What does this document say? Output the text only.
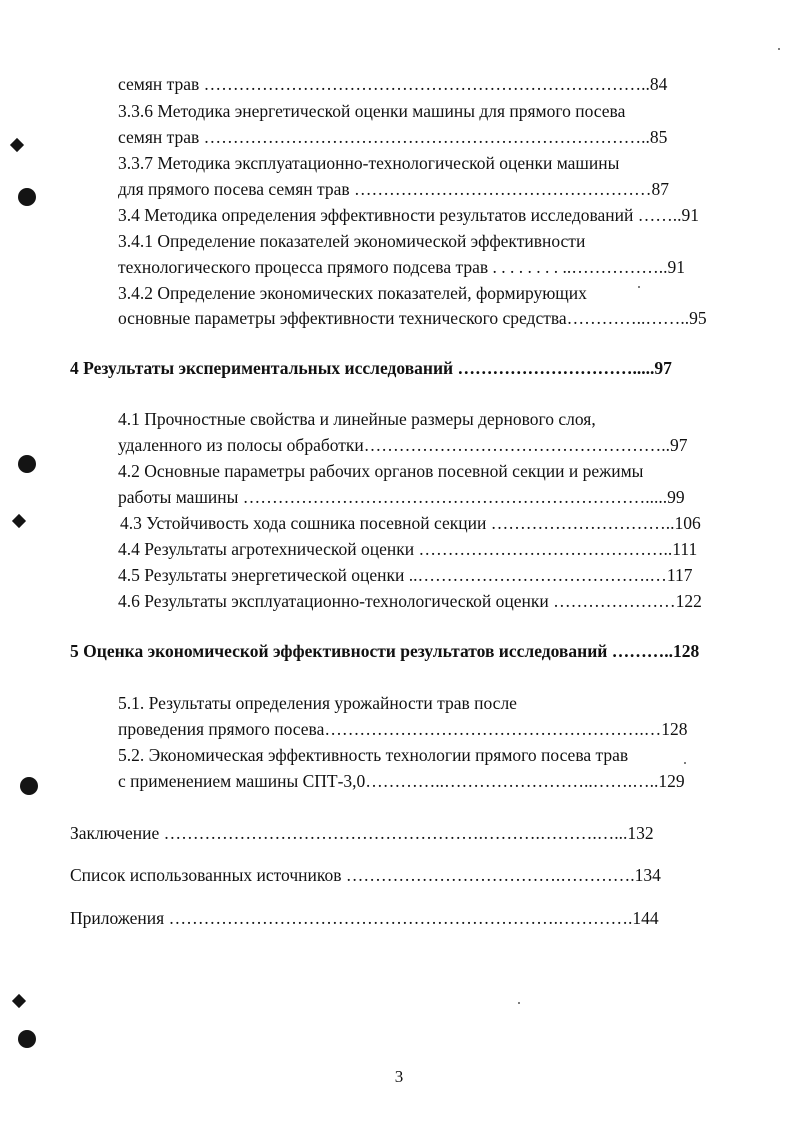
семян трав …………………………………………………………………..84
3.3.6 Методика энергетической оценки машины для прямого посева
семян трав …………………………………………………………………..85
3.3.7 Методика эксплуатационно-технологической оценки машины
для прямого посева семян трав ……………………………………………87
3.4 Методика определения эффективности результатов исследований ……..91
3.4.1 Определение показателей экономической эффективности
технологического процесса прямого подсева трав . . . . . . . . ..……………..91
3.4.2 Определение экономических показателей, формирующих
основные параметры эффективности технического средства…………..……..95
4 Результаты экспериментальных исследований ………………………….....97
4.1 Прочностные свойства и линейные размеры дернового слоя,
удаленного из полосы обработки……………………………………………..97
4.2 Основные параметры рабочих органов посевной секции и режимы
работы машины …………………………………………………………….....99
4.3 Устойчивость хода сошника посевной секции …………………………..106
4.4 Результаты агротехнической оценки ……………………………………..111
4.5 Результаты энергетической оценки ..………………………………….…117
4.6 Результаты эксплуатационно-технологической оценки …………………122
5 Оценка экономической эффективности результатов исследований ………..128
5.1. Результаты определения урожайности трав после
проведения прямого посева……………………………………………….…128
5.2. Экономическая эффективность технологии прямого посева трав
с применением машины СПТ-3,0…………..……………………..…….…..129
Заключение ……………………………………………….……….……….…...132
Список использованных источников ……………………………….………….134
Приложения ………………………………………………………….………….144
3
